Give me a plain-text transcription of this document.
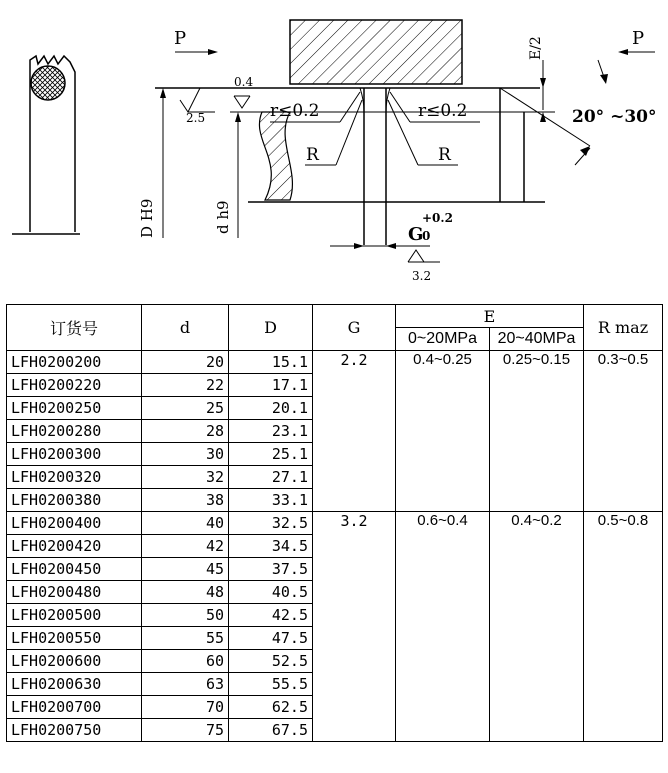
P	P
0.4
2.5	r≤0.2	r≤0.2
R	R
E/2
20° ~30°
D H9	d h9
G
+0.2
0
3.2
订货号	d	D	G	E		R maz
				0~20MPa	20~40MPa	
LFH0200200	20	15.1	2.2	0.4~0.25	0.25~0.15	0.3~0.5
LFH0200220	22	17.1				
LFH0200250	25	20.1				
LFH0200280	28	23.1				
LFH0200300	30	25.1				
LFH0200320	32	27.1				
LFH0200380	38	33.1				
LFH0200400	40	32.5	3.2	0.6~0.4	0.4~0.2	0.5~0.8
LFH0200420	42	34.5				
LFH0200450	45	37.5				
LFH0200480	48	40.5				
LFH0200500	50	42.5				
LFH0200550	55	47.5				
LFH0200600	60	52.5				
LFH0200630	63	55.5				
LFH0200700	70	62.5				
LFH0200750	75	67.5				
